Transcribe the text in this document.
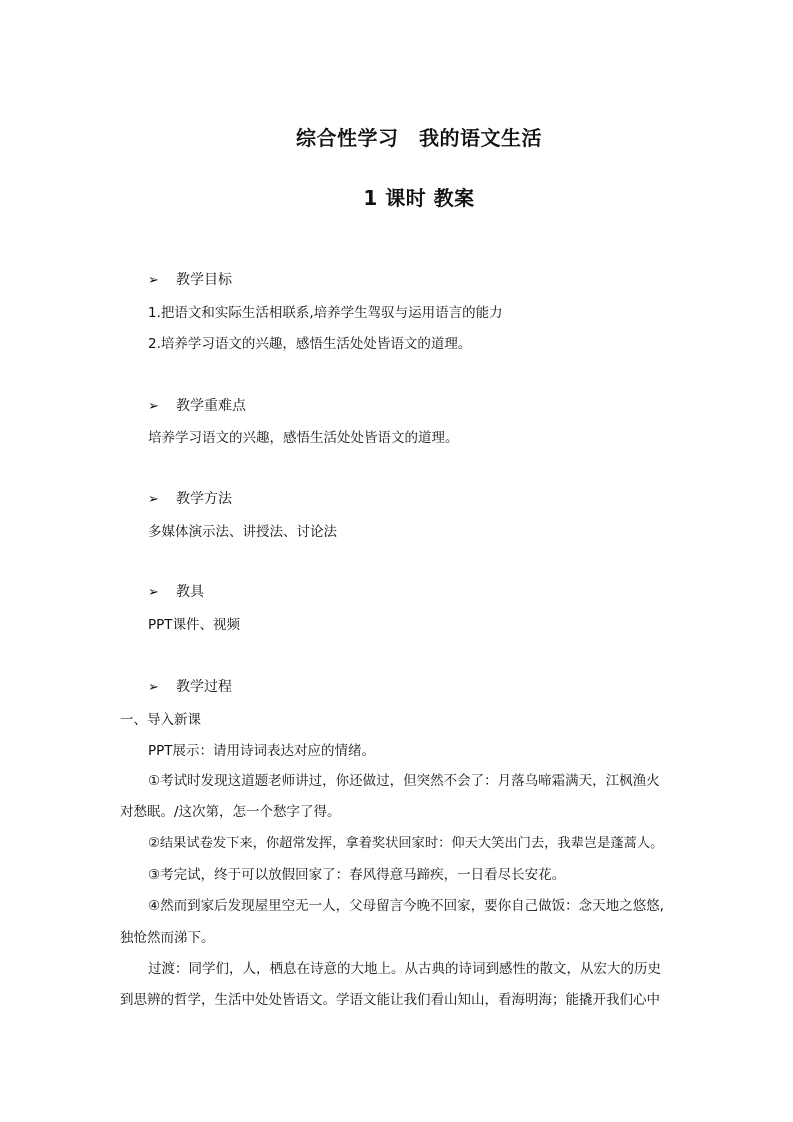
综合性学习　我的语文生活
1 课时 教案
➢ 教学目标
1.把语文和实际生活相联系,培养学生驾驭与运用语言的能力
2.培养学习语文的兴趣，感悟生活处处皆语文的道理。
➢ 教学重难点
培养学习语文的兴趣，感悟生活处处皆语文的道理。
➢ 教学方法
多媒体演示法、讲授法、讨论法
➢ 教具
PPT课件、视频
➢ 教学过程
一、导入新课
PPT展示：请用诗词表达对应的情绪。
①考试时发现这道题老师讲过，你还做过，但突然不会了：月落乌啼霜满天，江枫渔火
对愁眠。/这次第，怎一个愁字了得。
②结果试卷发下来，你超常发挥，拿着奖状回家时：仰天大笑出门去，我辈岂是蓬蒿人。
③考完试，终于可以放假回家了：春风得意马蹄疾，一日看尽长安花。
④然而到家后发现屋里空无一人，父母留言今晚不回家，要你自己做饭：念天地之悠悠,
独怆然而涕下。
过渡：同学们，人，栖息在诗意的大地上。从古典的诗词到感性的散文，从宏大的历史
到思辨的哲学，生活中处处皆语文。学语文能让我们看山知山，看海明海；能撬开我们心中
